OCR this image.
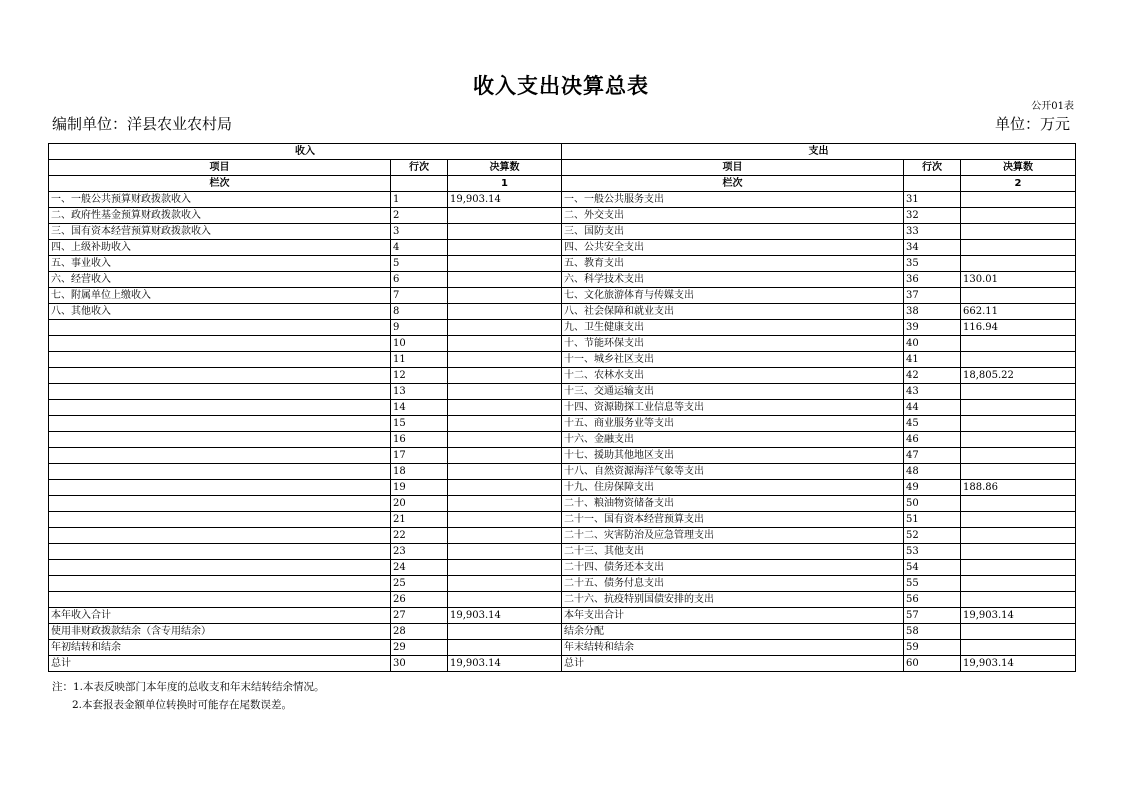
收入支出决算总表
公开01表
编制单位：洋县农业农村局	单位：万元
收入			支出		
项目	行次	决算数	项目	行次	决算数
栏次		1	栏次		2
一、一般公共预算财政拨款收入	1	19,903.14	一、一般公共服务支出	31	
二、政府性基金预算财政拨款收入	2		二、外交支出	32	
三、国有资本经营预算财政拨款收入	3		三、国防支出	33	
四、上级补助收入	4		四、公共安全支出	34	
五、事业收入	5		五、教育支出	35	
六、经营收入	6		六、科学技术支出	36	130.01
七、附属单位上缴收入	7		七、文化旅游体育与传媒支出	37	
八、其他收入	8		八、社会保障和就业支出	38	662.11
	9		九、卫生健康支出	39	116.94
	10		十、节能环保支出	40	
	11		十一、城乡社区支出	41	
	12		十二、农林水支出	42	18,805.22
	13		十三、交通运输支出	43	
	14		十四、资源勘探工业信息等支出	44	
	15		十五、商业服务业等支出	45	
	16		十六、金融支出	46	
	17		十七、援助其他地区支出	47	
	18		十八、自然资源海洋气象等支出	48	
	19		十九、住房保障支出	49	188.86
	20		二十、粮油物资储备支出	50	
	21		二十一、国有资本经营预算支出	51	
	22		二十二、灾害防治及应急管理支出	52	
	23		二十三、其他支出	53	
	24		二十四、债务还本支出	54	
	25		二十五、债务付息支出	55	
	26		二十六、抗疫特别国债安排的支出	56	
本年收入合计	27	19,903.14	本年支出合计	57	19,903.14
使用非财政拨款结余（含专用结余）	28		结余分配	58	
年初结转和结余	29		年末结转和结余	59	
总计	30	19,903.14	总计	60	19,903.14
注：1.本表反映部门本年度的总收支和年末结转结余情况。
2.本套报表金额单位转换时可能存在尾数误差。
